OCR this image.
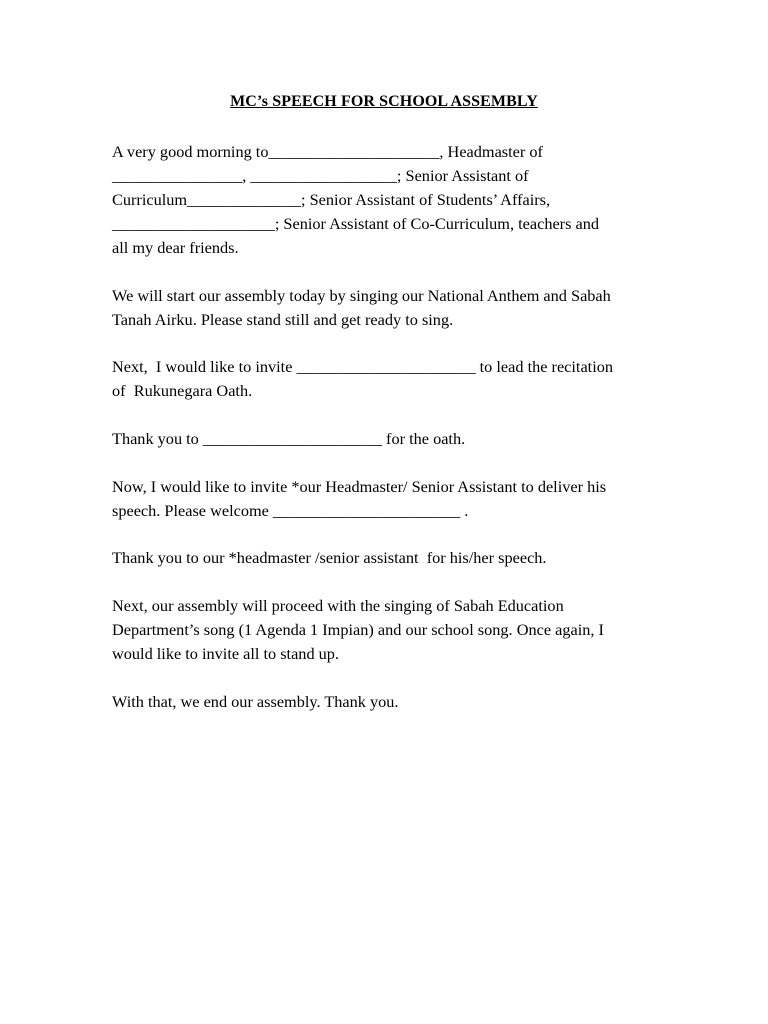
MC’s SPEECH FOR SCHOOL ASSEMBLY
A very good morning to_____________________, Headmaster of
________________, __________________; Senior Assistant of
Curriculum______________; Senior Assistant of Students’ Affairs,
____________________; Senior Assistant of Co-Curriculum, teachers and
all my dear friends.
We will start our assembly today by singing our National Anthem and Sabah
Tanah Airku. Please stand still and get ready to sing.
Next,  I would like to invite ______________________ to lead the recitation
of  Rukunegara Oath.
Thank you to ______________________ for the oath.
Now, I would like to invite *our Headmaster/ Senior Assistant to deliver his
speech. Please welcome _______________________ .
Thank you to our *headmaster /senior assistant  for his/her speech.
Next, our assembly will proceed with the singing of Sabah Education
Department’s song (1 Agenda 1 Impian) and our school song. Once again, I
would like to invite all to stand up.
With that, we end our assembly. Thank you.
